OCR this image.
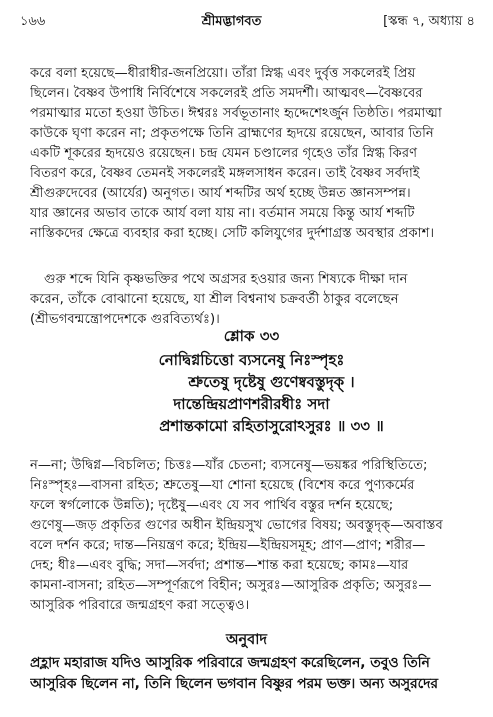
১৬৬	শ্রীমদ্ভাগবত	[স্কন্ধ ৭, অধ্যায় ৪
করে বলা হয়েছে—ধীরাধীর-জনপ্রিয়ো। তাঁরা স্নিগ্ধ এবং দুর্বৃত্ত সকলেরই প্রিয়
ছিলেন। বৈষ্ণব উপাধি নির্বিশেষে সকলেরই প্রতি সমদর্শী। আত্মবৎ—বৈষ্ণবের
পরমাত্মার মতো হওয়া উচিত। ঈশ্বরঃ সর্বভূতানাং হৃদ্দেশেঽর্জুন তিষ্ঠতি। পরমাত্মা
কাউকে ঘৃণা করেন না; প্রকৃতপক্ষে তিনি ব্রাহ্মণের হৃদয়ে রয়েছেন, আবার তিনি
একটি শূকরের হৃদয়েও রয়েছেন। চন্দ্র যেমন চণ্ডালের গৃহেও তাঁর স্নিগ্ধ কিরণ
বিতরণ করে, বৈষ্ণব তেমনই সকলেরই মঙ্গলসাধন করেন। তাই বৈষ্ণব সর্বদাই
শ্রীগুরুদেবের (আর্যের) অনুগত। আর্য শব্দটির অর্থ হচ্ছে উন্নত জ্ঞানসম্পন্ন।
যার জ্ঞানের অভাব তাকে আর্য বলা যায় না। বর্তমান সময়ে কিন্তু আর্য শব্দটি
নাস্তিকদের ক্ষেত্রে ব্যবহার করা হচ্ছে। সেটি কলিযুগের দুর্দশাগ্রস্ত অবস্থার প্রকাশ।
গুরু শব্দে যিনি কৃষ্ণভক্তির পথে অগ্রসর হওয়ার জন্য শিষ্যকে দীক্ষা দান
করেন, তাঁকে বোঝানো হয়েছে, যা শ্রীল বিশ্বনাথ চক্রবর্তী ঠাকুর বলেছেন
(শ্রীভগবন্মন্ত্রোপদেশকে গুরবিত্যর্থঃ)।
শ্লোক ৩৩
নোদ্বিগ্নচিত্তো ব্যসনেষু নিঃস্পৃহঃ
শ্রুতেষু দৃষ্টেষু গুণেষ্ববস্তুদৃক্ ।
দান্তেন্দ্রিয়প্রাণশরীরধীঃ সদা
প্রশান্তকামো রহিতাসুরোঽসুরঃ ॥ ৩৩ ॥
ন—না; উদ্বিগ্ন—বিচলিত; চিত্তঃ—যাঁর চেতনা; ব্যসনেষু—ভয়ঙ্কর পরিস্থিতিতে;
নিঃস্পৃহঃ—বাসনা রহিত; শ্রুতেষু—যা শোনা হয়েছে (বিশেষ করে পুণ্যকর্মের
ফলে স্বর্গলোকে উন্নতি); দৃষ্টেষু—এবং যে সব পার্থিব বস্তুর দর্শন হয়েছে;
গুণেষু—জড় প্রকৃতির গুণের অধীন ইন্দ্রিয়সুখ ভোগের বিষয়; অবস্তুদৃক্—অবাস্তব
বলে দর্শন করে; দান্ত—নিয়ন্ত্রণ করে; ইন্দ্রিয়—ইন্দ্রিয়সমূহ; প্রাণ—প্রাণ; শরীর—
দেহ; ধীঃ—এবং বুদ্ধি; সদা—সর্বদা; প্রশান্ত—শান্ত করা হয়েছে; কামঃ—যার
কামনা-বাসনা; রহিত—সম্পূর্ণরূপে বিহীন; অসুরঃ—আসুরিক প্রকৃতি; অসুরঃ—
আসুরিক পরিবারে জন্মগ্রহণ করা সত্ত্বেও।
অনুবাদ
প্রহ্লাদ মহারাজ যদিও আসুরিক পরিবারে জন্মগ্রহণ করেছিলেন, তবুও তিনি
আসুরিক ছিলেন না, তিনি ছিলেন ভগবান বিষ্ণুর পরম ভক্ত। অন্য অসুরদের
